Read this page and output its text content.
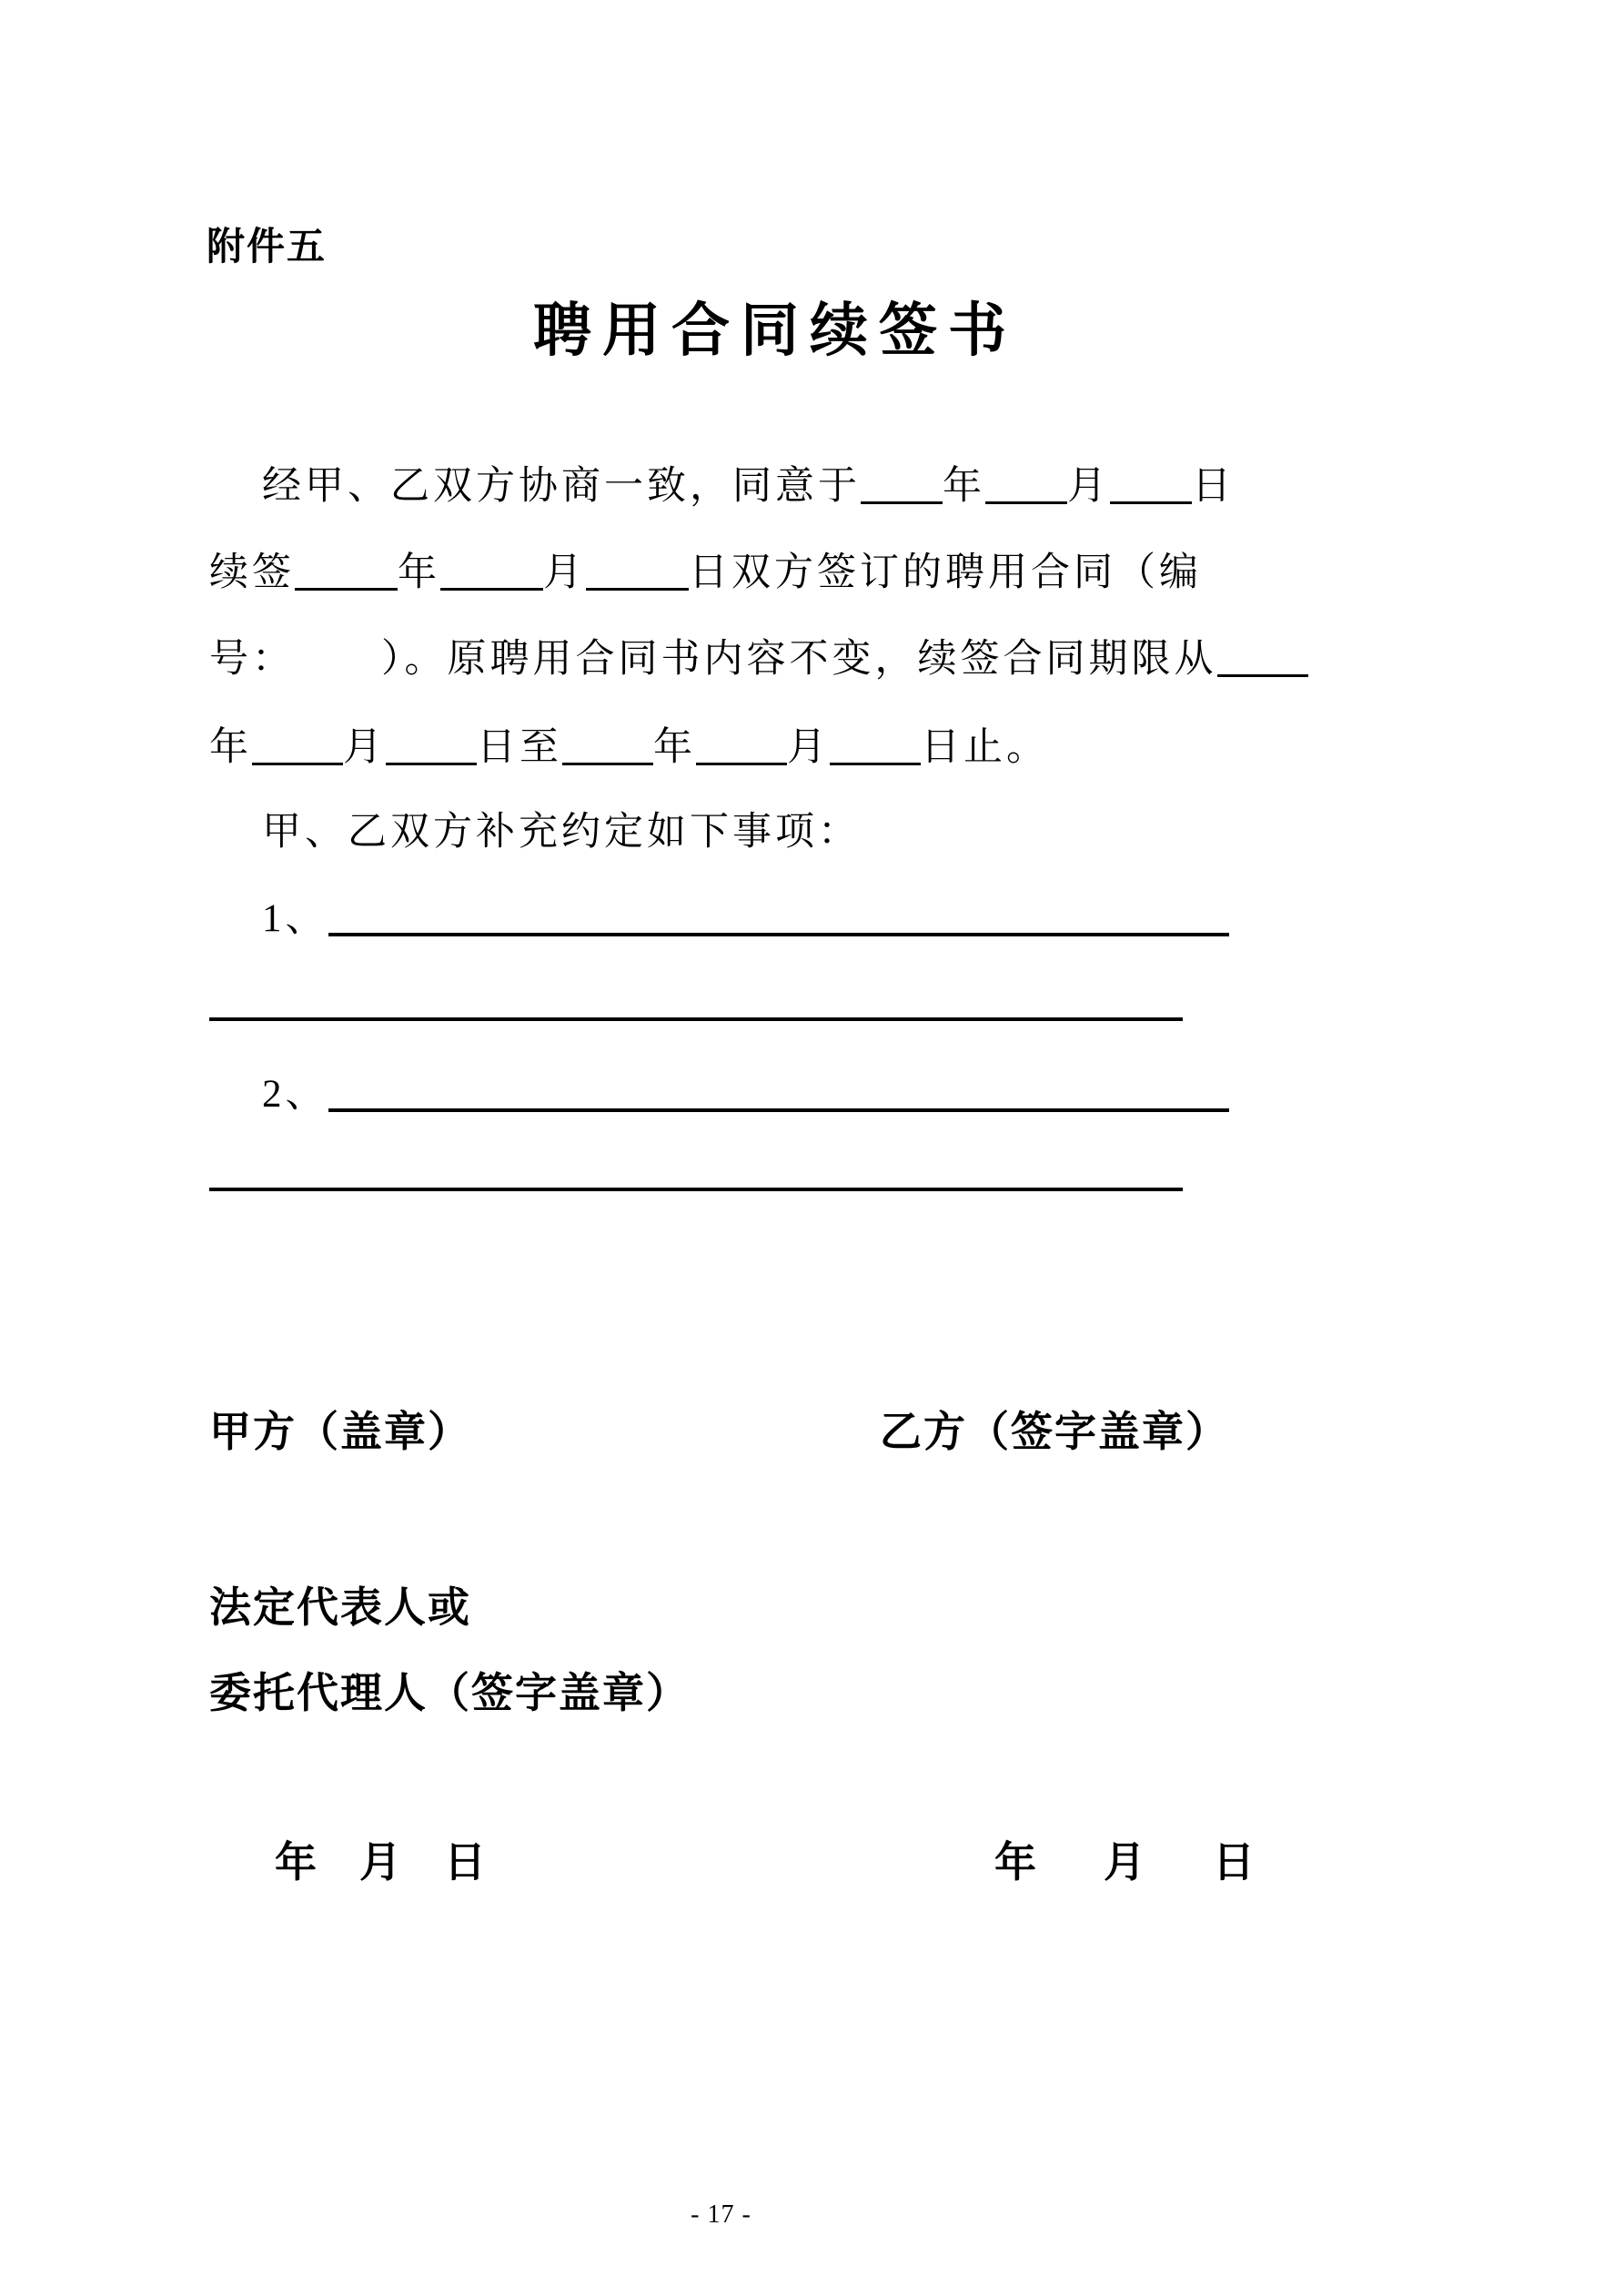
附件五
聘用合同续签书
经甲、乙双方协商一致，同意于 年 月 日
续签	年	月	日双方签订的聘用合同（编
号： ）。原聘用合同书内容不变，续签合同期限从
年 月 日至 年 月 日止。
甲、乙双方补充约定如下事项：
1、
2、
甲方（盖章）	乙方（签字盖章）
法定代表人或
委托代理人（签字盖章）
年 月 日	年 月 日
- 17 -
